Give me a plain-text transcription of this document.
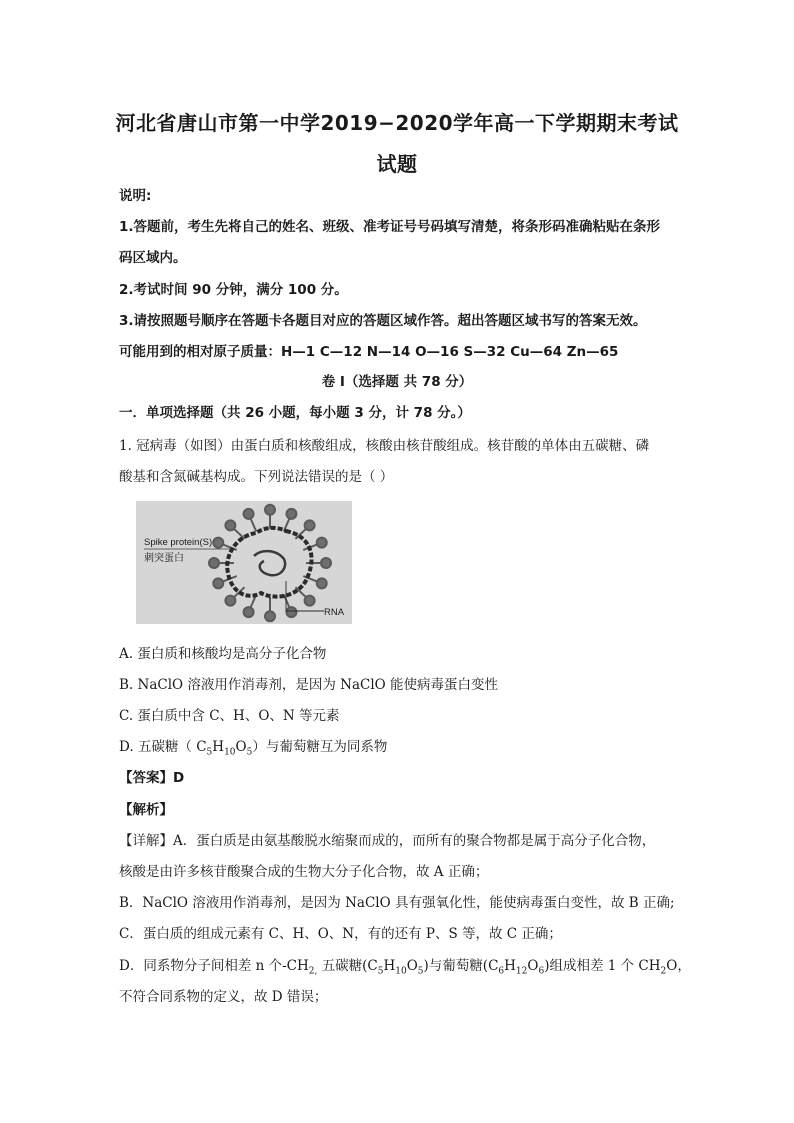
河北省唐山市第一中学2019−2020学年高一下学期期末考试
试题
说明:
1.答题前，考生先将自己的姓名、班级、准考证号号码填写清楚，将条形码准确粘贴在条形
码区域内。
2.考试时间 90 分钟，满分 100 分。
3.请按照题号顺序在答题卡各题目对应的答题区域作答。超出答题区域书写的答案无效。
可能用到的相对原子质量：H—1 C—12 N—14 O—16 S—32 Cu—64 Zn—65
卷 I（选择题 共 78 分）
一．单项选择题（共 26 小题，每小题 3 分，计 78 分。）
1. 冠病毒（如图）由蛋白质和核酸组成，核酸由核苷酸组成。核苷酸的单体由五碳糖、磷
酸基和含氮碱基构成。下列说法错误的是（ ）
Spike protein(S)
刺突蛋白
RNA
A. 蛋白质和核酸均是高分子化合物
B. NaClO 溶液用作消毒剂，是因为 NaClO 能使病毒蛋白变性
C. 蛋白质中含 C、H、O、N 等元素
D. 五碳糖（ $C_5H_{10}O_5$）与葡萄糖互为同系物
【答案】D
【解析】
【详解】A．蛋白质是由氨基酸脱水缩聚而成的，而所有的聚合物都是属于高分子化合物，
核酸是由许多核苷酸聚合成的生物大分子化合物，故 A 正确；
B．NaClO 溶液用作消毒剂，是因为 NaClO 具有强氧化性，能使病毒蛋白变性，故 B 正确;
C．蛋白质的组成元素有 C、H、O、N，有的还有 P、S 等，故 C 正确；
D．同系物分子间相差 n 个$-CH_{2,}$ 五碳糖$(C_5H_{10}O_5)$与葡萄糖$(C_6H_{12}O_6)$组成相差 1 个 $CH_2O$，
不符合同系物的定义，故 D 错误；
